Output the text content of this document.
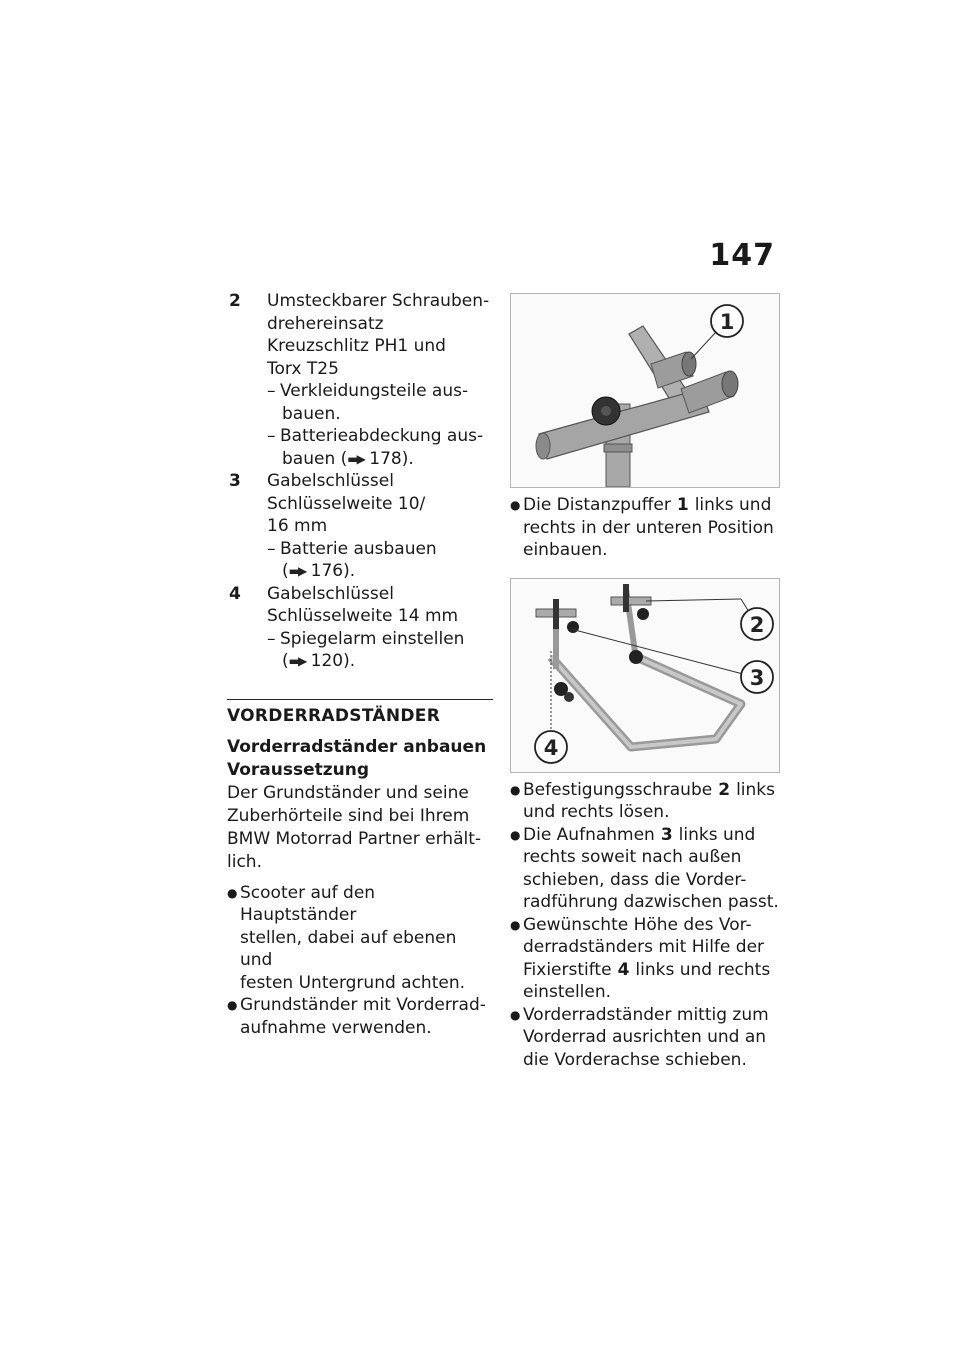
147
2	Umsteckbarer Schrauben-
drehereinsatz
Kreuzschlitz PH1 und
Torx T25
– Verkleidungsteile aus-
bauen.
– Batterieabdeckung aus-
bauen (▬▶ 178).
3	Gabelschlüssel
Schlüsselweite 10/
16 mm
– Batterie ausbauen
(▬▶ 176).
4	Gabelschlüssel
Schlüsselweite 14 mm
– Spiegelarm einstellen
(▬▶ 120).
VORDERRADSTÄNDER
Vorderradständer anbauen
Voraussetzung
Der Grundständer und seine
Zuberhörteile sind bei Ihrem
BMW Motorrad Partner erhält-
lich.
● Scooter auf den Hauptständer
stellen, dabei auf ebenen und
festen Untergrund achten.
● Grundständer mit Vorderrad-
aufnahme verwenden.
1
● Die Distanzpuffer 1 links und
rechts in der unteren Position
einbauen.
2
3
4
● Befestigungsschraube 2 links
und rechts lösen.
● Die Aufnahmen 3 links und
rechts soweit nach außen
schieben, dass die Vorder-
radführung dazwischen passt.
● Gewünschte Höhe des Vor-
derradständers mit Hilfe der
Fixierstifte 4 links und rechts
einstellen.
● Vorderradständer mittig zum
Vorderrad ausrichten und an
die Vorderachse schieben.
